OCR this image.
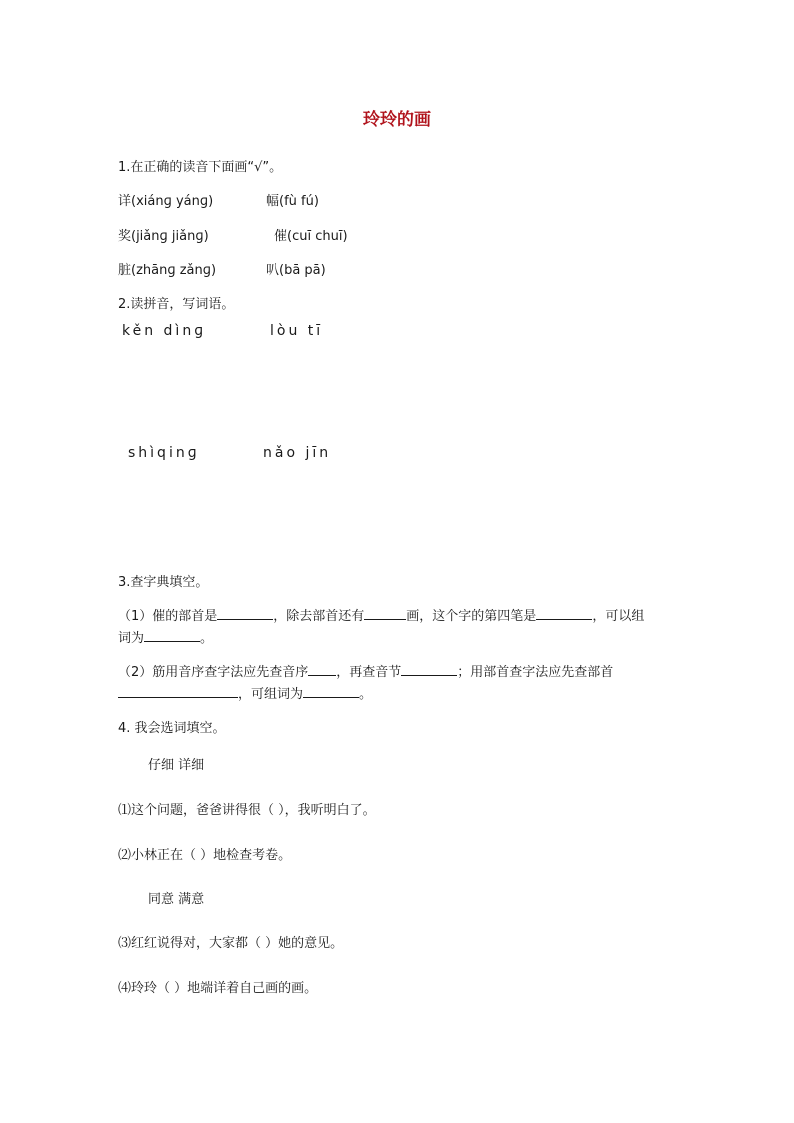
玲玲的画
1.在正确的读音下面画“√”。
详(xiánɡ yánɡ)	幅(fù fú)
奖(jiǎnɡ jiǎnɡ)	催(cuī chuī)
脏(zhānɡ zǎnɡ)	叭(bā pā)
2.读拼音，写词语。
kěn dìnɡ	lòu tī
shìqinɡ	nǎo jīn
3.查字典填空。
（1）催的部首是	，除去部首还有	画，这个字的第四笔是	，可以组
词为	。
（2）筋用音序查字法应先查音序 ，再查音节	；用部首查字法应先查部首
，可组词为	。
4. 我会选词填空。
仔细 详细
⑴这个问题，爸爸讲得很（ ），我听明白了。
⑵小林正在（ ）地检查考卷。
同意 满意
⑶红红说得对，大家都（ ）她的意见。
⑷玲玲（ ）地端详着自己画的画。
